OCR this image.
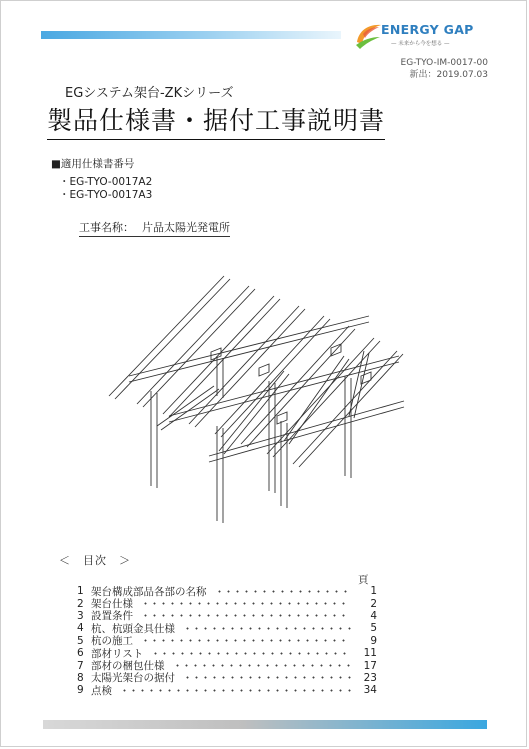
ENERGY GAP
— 未来から今を想る —
EG-TYO-IM-0017-00
新出：2019.07.03
EGシステム架台-ZKシリーズ
製品仕様書・据付工事説明書
■適用仕様書番号
・EG-TYO-0017A2
・EG-TYO-0017A3
工事名称： 片品太陽光発電所
＜　目次　＞
頁
1 架台構成部品各部の名称	1
2 架台仕様	2
3 設置条件	4
4 杭、杭頭金具仕様	5
5 杭の施工	9
6 部材リスト	11
7 部材の梱包仕様	17
8 太陽光架台の据付	23
9 点検	34
